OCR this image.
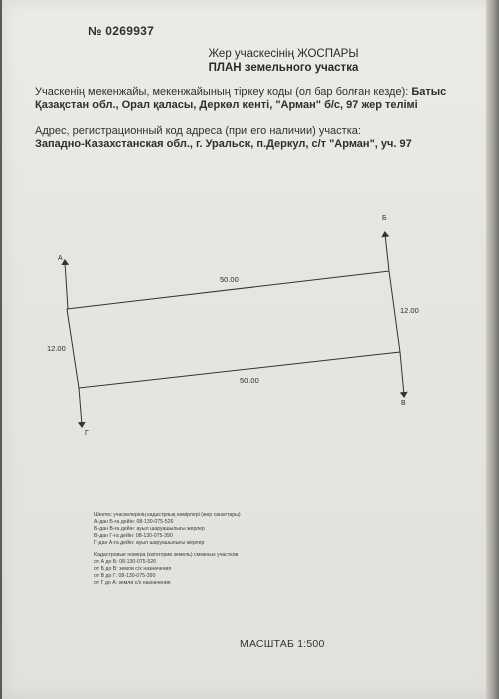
№ 0269937
Жер учаскесінің ЖОСПАРЫ
ПЛАН земельного участка
Учаскенің мекенжайы, мекенжайының тіркеу коды (ол бар болған кезде): Батыс Қазақстан обл., Орал қаласы, Деркөл кенті, "Арман" б/с, 97 жер телімі
Адрес, регистрационный код адреса (при его наличии) участка:
Западно-Казахстанская обл., г. Уральск, п.Деркул, с/т "Арман", уч. 97
А
Б
В
Г
50.00
50.00
12.00
12.00
Шектес учаскелерінің кадастрлық нөмірлері (жер санаттары)
А-дан Б-ға дейін: 08-130-075-526
Б-дан В-ға дейін: ауыл шаруашылығы жерлер
В-дан Г-ға дейін: 08-130-075-390
Г-дан А-ға дейін: ауыл шаруашылығы жерлер
Кадастровые номера (категории земель) смежных участков
от А до Б: 08-130-075-526
от Б до В: земли с/х назначения
от В до Г: 08-130-075-390
от Г до А: земли с/х назначения
МАСШТАБ 1:500
